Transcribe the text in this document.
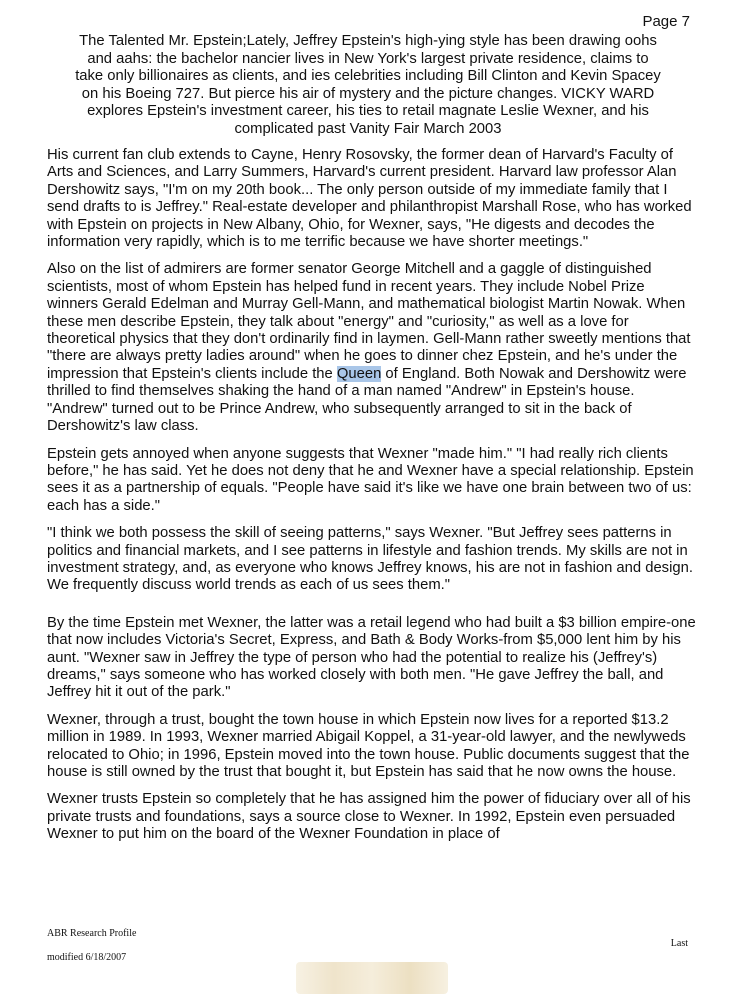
Page 7
The Talented Mr. Epstein;Lately, Jeffrey Epstein's high-ying style has been drawing oohs
and aahs: the bachelor nancier lives in New York's largest private residence, claims to
take only billionaires as clients, and ies celebrities including Bill Clinton and Kevin Spacey
on his Boeing 727. But pierce his air of mystery and the picture changes. VICKY WARD
explores Epstein's investment career, his ties to retail magnate Leslie Wexner, and his
complicated past Vanity Fair March 2003

His current fan club extends to Cayne, Henry Rosovsky, the former dean of Harvard's Faculty of Arts and Sciences, and Larry Summers, Harvard's current president. Harvard law professor Alan Dershowitz says, "I'm on my 20th book... The only person outside of my immediate family that I send drafts to is Jeffrey." Real-estate developer and philanthropist Marshall Rose, who has worked with Epstein on projects in New Albany, Ohio, for Wexner, says, "He digests and decodes the information very rapidly, which is to me terrific because we have shorter meetings."

Also on the list of admirers are former senator George Mitchell and a gaggle of distinguished scientists, most of whom Epstein has helped fund in recent years. They include Nobel Prize winners Gerald Edelman and Murray Gell-Mann, and mathematical biologist Martin Nowak. When these men describe Epstein, they talk about "energy" and "curiosity," as well as a love for theoretical physics that they don't ordinarily find in laymen. Gell-Mann rather sweetly mentions that "there are always pretty ladies around" when he goes to dinner chez Epstein, and he's under the impression that Epstein's clients include the Queen of England. Both Nowak and Dershowitz were thrilled to find themselves shaking the hand of a man named "Andrew" in Epstein's house. "Andrew" turned out to be Prince Andrew, who subsequently arranged to sit in the back of Dershowitz's law class.

Epstein gets annoyed when anyone suggests that Wexner "made him." "I had really rich clients before," he has said. Yet he does not deny that he and Wexner have a special relationship. Epstein sees it as a partnership of equals. "People have said it's like we have one brain between two of us: each has a side."

"I think we both possess the skill of seeing patterns," says Wexner. "But Jeffrey sees patterns in politics and financial markets, and I see patterns in lifestyle and fashion trends. My skills are not in investment strategy, and, as everyone who knows Jeffrey knows, his are not in fashion and design. We frequently discuss world trends as each of us sees them."

By the time Epstein met Wexner, the latter was a retail legend who had built a $3 billion empire-one that now includes Victoria's Secret, Express, and Bath & Body Works-from $5,000 lent him by his aunt. "Wexner saw in Jeffrey the type of person who had the potential to realize his (Jeffrey's) dreams," says someone who has worked closely with both men. "He gave Jeffrey the ball, and Jeffrey hit it out of the park."

Wexner, through a trust, bought the town house in which Epstein now lives for a reported $13.2 million in 1989. In 1993, Wexner married Abigail Koppel, a 31-year-old lawyer, and the newlyweds relocated to Ohio; in 1996, Epstein moved into the town house. Public documents suggest that the house is still owned by the trust that bought it, but Epstein has said that he now owns the house.

Wexner trusts Epstein so completely that he has assigned him the power of fiduciary over all of his private trusts and foundations, says a source close to Wexner. In 1992, Epstein even persuaded Wexner to put him on the board of the Wexner Foundation in place of

ABR Research Profile
modified 6/18/2007
Last
